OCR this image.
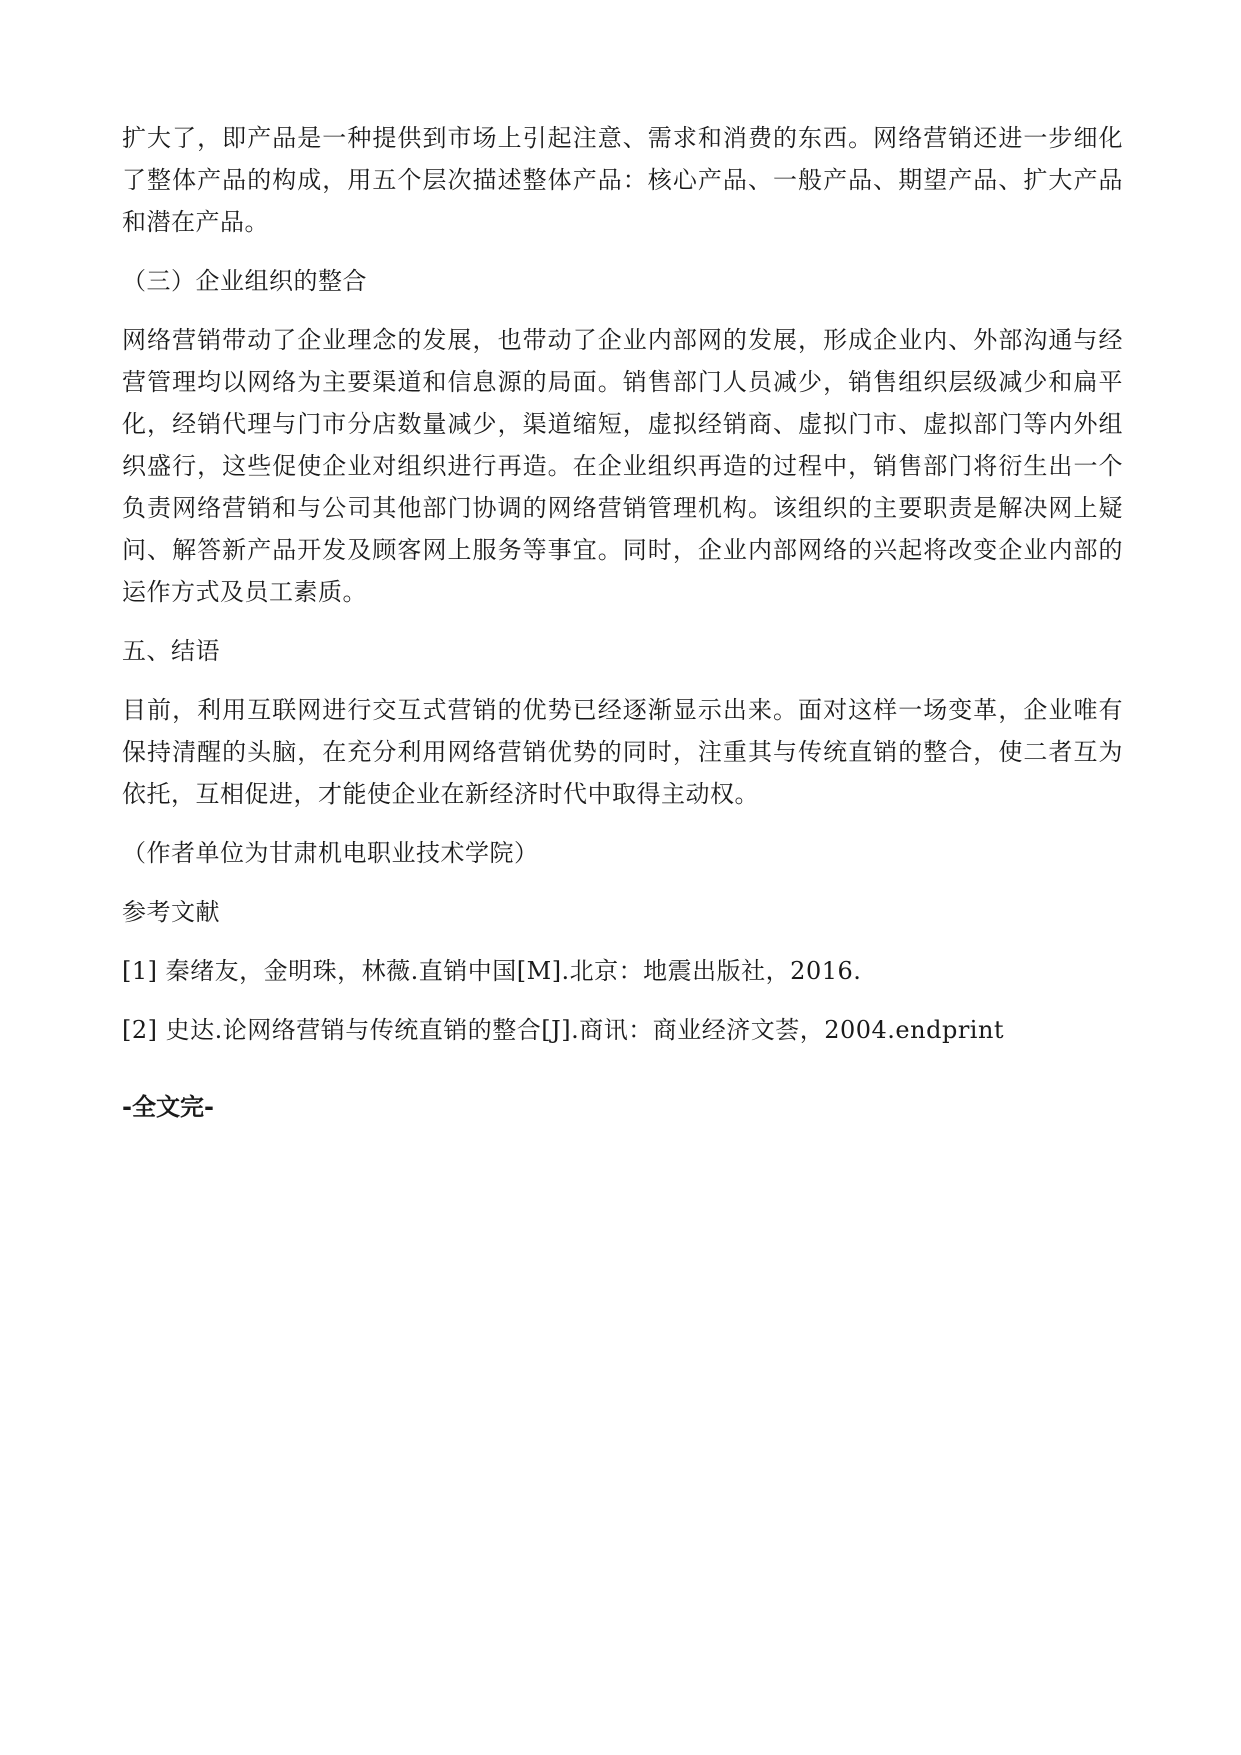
扩大了，即产品是一种提供到市场上引起注意、需求和消费的东西。网络营销还进一步细化了整体产品的构成，用五个层次描述整体产品：核心产品、一般产品、期望产品、扩大产品和潜在产品。

（三）企业组织的整合

网络营销带动了企业理念的发展，也带动了企业内部网的发展，形成企业内、外部沟通与经营管理均以网络为主要渠道和信息源的局面。销售部门人员减少，销售组织层级减少和扁平化，经销代理与门市分店数量减少，渠道缩短，虚拟经销商、虚拟门市、虚拟部门等内外组织盛行，这些促使企业对组织进行再造。在企业组织再造的过程中，销售部门将衍生出一个负责网络营销和与公司其他部门协调的网络营销管理机构。该组织的主要职责是解决网上疑问、解答新产品开发及顾客网上服务等事宜。同时，企业内部网络的兴起将改变企业内部的运作方式及员工素质。

五、结语

目前，利用互联网进行交互式营销的优势已经逐渐显示出来。面对这样一场变革，企业唯有保持清醒的头脑，在充分利用网络营销优势的同时，注重其与传统直销的整合，使二者互为依托，互相促进，才能使企业在新经济时代中取得主动权。

（作者单位为甘肃机电职业技术学院）

参考文献

[1] 秦绪友，金明珠，林薇.直销中国[M].北京：地震出版社，2016.

[2] 史达.论网络营销与传统直销的整合[J].商讯：商业经济文荟，2004.endprint

-全文完-
